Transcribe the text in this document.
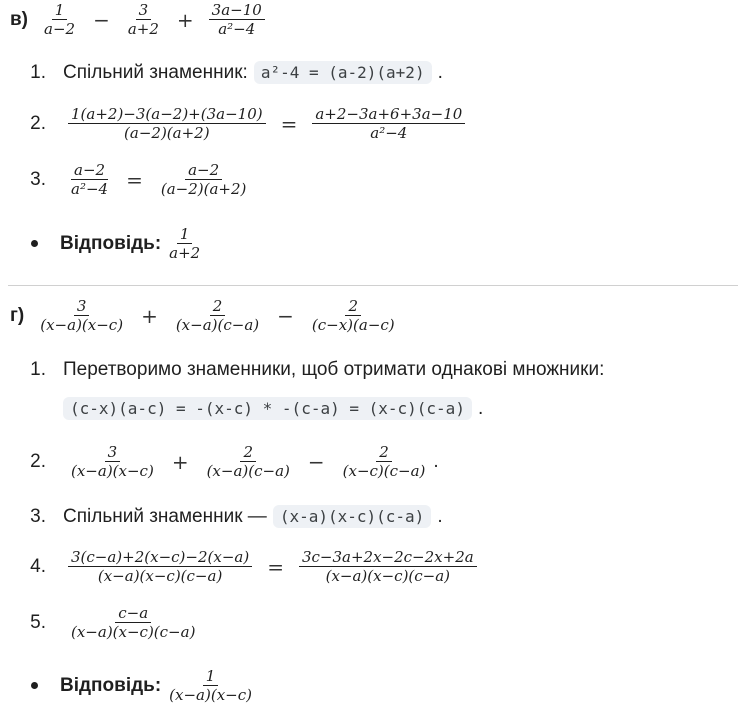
$в) \frac{1}{a-2} - \frac{3}{a+2} + \frac{3a-10}{\text{a²−4}}$
1. Спільний знаменник: a²-4 = (a-2)(a+2) .
2. $\frac{1(a+2)-3(a-2)+(3a-10)}{(a-2)(a+2)} = \frac{a+2-3a+6+3a-10}{\text{a²−4}}$
3. $\frac{a-2}{\text{a²−4}} = \frac{a-2}{(a-2)(a+2)}$
Відповідь: $\frac{1}{a+2}$
$г) \frac{3}{(x-a)(x-c)} + \frac{2}{(x-a)(c-a)} - \frac{2}{(c-x)(a-c)}$
1. Перетворимо знаменники, щоб отримати однакові множники:
(c-x)(a-c) = -(x-c) * -(c-a) = (x-c)(c-a) .
2. $\frac{3}{(x-a)(x-c)} + \frac{2}{(x-a)(c-a)} - \frac{2}{(x-c)(c-a)}$ .
3. Спільний знаменник — (x-a)(x-c)(c-a) .
4. $\frac{3(c-a)+2(x-c)-2(x-a)}{(x-a)(x-c)(c-a)} = \frac{3c-3a+2x-2c-2x+2a}{(x-a)(x-c)(c-a)}$
5. $\frac{c-a}{(x-a)(x-c)(c-a)}$
Відповідь: $\frac{1}{(x-a)(x-c)}$
